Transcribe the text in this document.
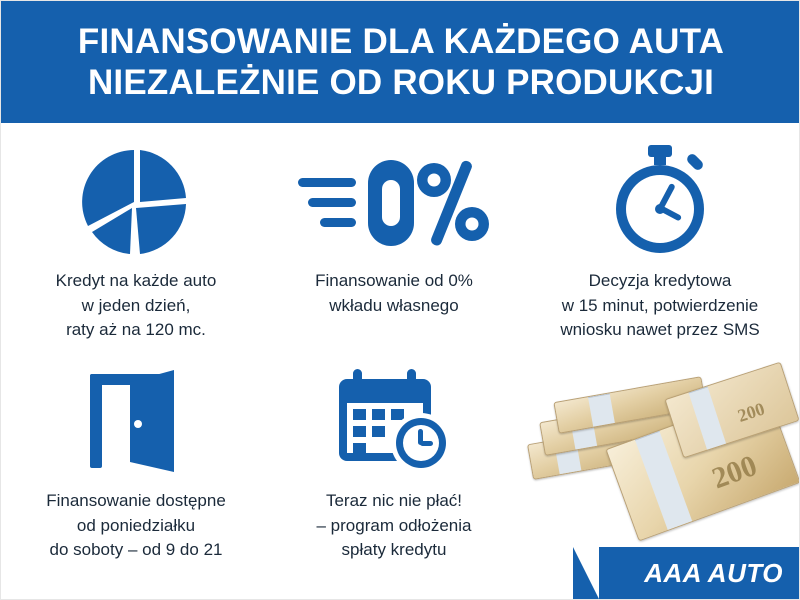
FINANSOWANIE DLA KAŻDEGO AUTA
NIEZALEŻNIE OD ROKU PRODUKCJI
Kredyt na każde auto
w jeden dzień,
raty aż na 120 mc.
Finansowanie od 0%
wkładu własnego
Decyzja kredytowa
w 15 minut, potwierdzenie
wniosku nawet przez SMS
Finansowanie dostępne
od poniedziałku
do soboty – od 9 do 21
Teraz nic nie płać!
– program odłożenia
spłaty kredytu
200
200
AAA AUTO
